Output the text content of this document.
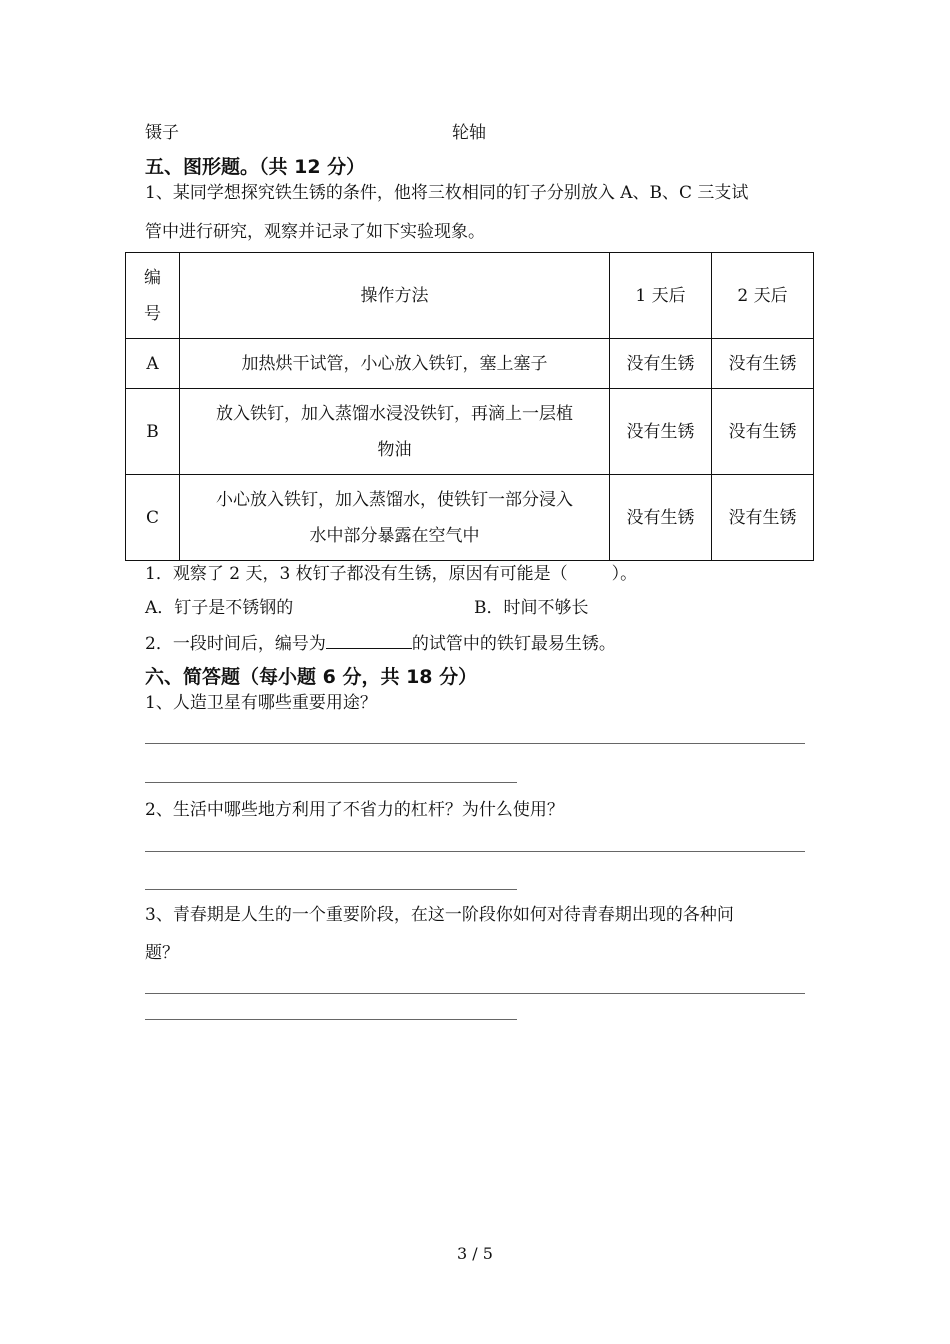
镊子	轮轴
五、图形题。（共 12 分）
1、某同学想探究铁生锈的条件，他将三枚相同的钉子分别放入 A、B、C 三支试
管中进行研究，观察并记录了如下实验现象。
编
号	操作方法	1 天后	2 天后
A	加热烘干试管，小心放入铁钉，塞上塞子	没有生锈	没有生锈
B	放入铁钉，加入蒸馏水浸没铁钉，再滴上一层植
物油	没有生锈	没有生锈
C	小心放入铁钉，加入蒸馏水，使铁钉一部分浸入
水中部分暴露在空气中	没有生锈	没有生锈
1．观察了 2 天，3 枚钉子都没有生锈，原因有可能是（	）。
A．钉子是不锈钢的	B．时间不够长
2．一段时间后，编号为	的试管中的铁钉最易生锈。
六、简答题（每小题 6 分，共 18 分）
1、人造卫星有哪些重要用途？
2、生活中哪些地方利用了不省力的杠杆？为什么使用？
3、青春期是人生的一个重要阶段，在这一阶段你如何对待青春期出现的各种问
题？
3 / 5
